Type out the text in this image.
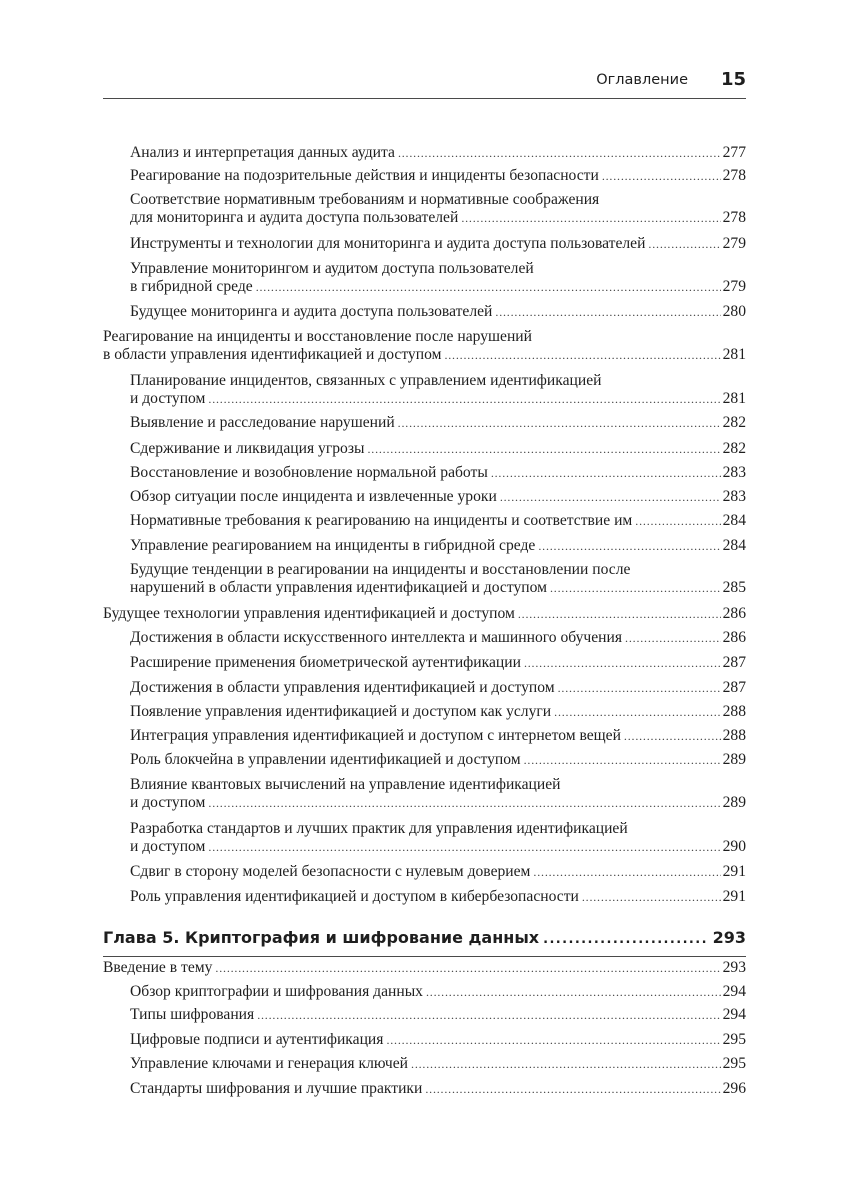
Оглавление 15
Анализ и интерпретация данных аудита . . .	277
Реагирование на подозрительные действия и инциденты безопасности . . .	278
Соответствие нормативным требованиям и нормативные соображения
для мониторинга и аудита доступа пользователей . . .	278
Инструменты и технологии для мониторинга и аудита доступа пользователей . . .	279
Управление мониторингом и аудитом доступа пользователей
в гибридной среде . . .	279
Будущее мониторинга и аудита доступа пользователей . . .	280
Реагирование на инциденты и восстановление после нарушений
в области управления идентификацией и доступом . . .	281
Планирование инцидентов, связанных с управлением идентификацией
и доступом . . .	281
Выявление и расследование нарушений . . .	282
Сдерживание и ликвидация угрозы . . .	282
Восстановление и возобновление нормальной работы . . .	283
Обзор ситуации после инцидента и извлеченные уроки . . .	283
Нормативные требования к реагированию на инциденты и соответствие им . . .	284
Управление реагированием на инциденты в гибридной среде . . .	284
Будущие тенденции в реагировании на инциденты и восстановлении после
нарушений в области управления идентификацией и доступом . . .	285
Будущее технологии управления идентификацией и доступом . . .	286
Достижения в области искусственного интеллекта и машинного обучения . . .	286
Расширение применения биометрической аутентификации . . .	287
Достижения в области управления идентификацией и доступом . . .	287
Появление управления идентификацией и доступом как услуги . . .	288
Интеграция управления идентификацией и доступом с интернетом вещей . . .	288
Роль блокчейна в управлении идентификацией и доступом . . .	289
Влияние квантовых вычислений на управление идентификацией
и доступом . . .	289
Разработка стандартов и лучших практик для управления идентификацией
и доступом . . .	290
Сдвиг в сторону моделей безопасности с нулевым доверием . . .	291
Роль управления идентификацией и доступом в кибербезопасности . . .	291
Глава 5. Криптография и шифрование данных .....	293
Введение в тему . . .	293
Обзор криптографии и шифрования данных . . .	294
Типы шифрования . . .	294
Цифровые подписи и аутентификация . . .	295
Управление ключами и генерация ключей . . .	295
Стандарты шифрования и лучшие практики . . .	296
